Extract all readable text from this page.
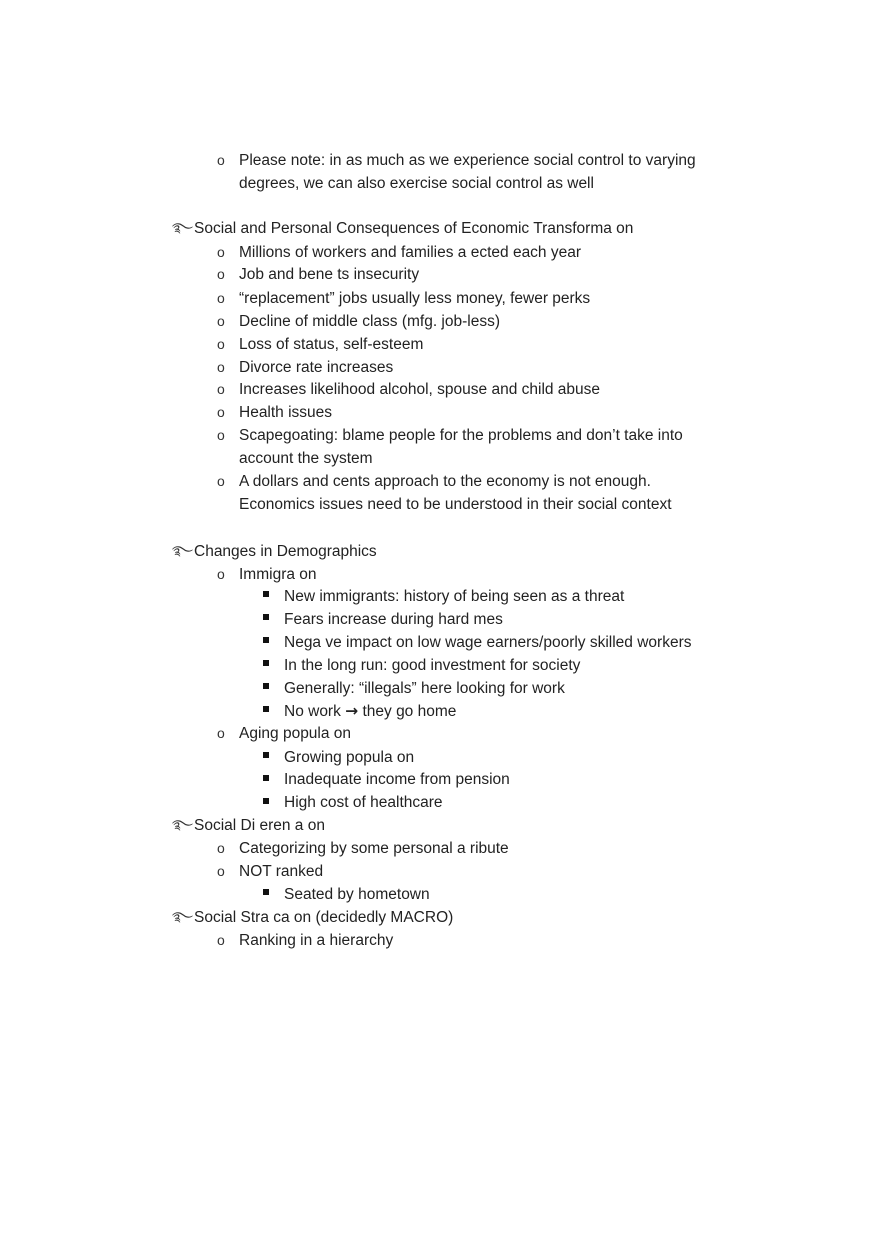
o Please note: in as much as we experience social control to varying
degrees, we can also exercise social control as well
࿐ Social and Personal Consequences of Economic Transforma on
o Millions of workers and families a ected each year
o Job and bene ts insecurity
o “replacement” jobs usually less money, fewer perks
o Decline of middle class (mfg. job-less)
o Loss of status, self-esteem
o Divorce rate increases
o Increases likelihood alcohol, spouse and child abuse
o Health issues
o Scapegoating: blame people for the problems and don’t take into
account the system
o A dollars and cents approach to the economy is not enough.
Economics issues need to be understood in their social context
࿐ Changes in Demographics
o Immigra on
New immigrants: history of being seen as a threat
Fears increase during hard mes
Nega ve impact on low wage earners/poorly skilled workers
In the long run: good investment for society
Generally: “illegals” here looking for work
No work → they go home
o Aging popula on
Growing popula on
Inadequate income from pension
High cost of healthcare
࿐ Social Di eren a on
o Categorizing by some personal a ribute
o NOT ranked
Seated by hometown
࿐ Social Stra ca on (decidedly MACRO)
o Ranking in a hierarchy
